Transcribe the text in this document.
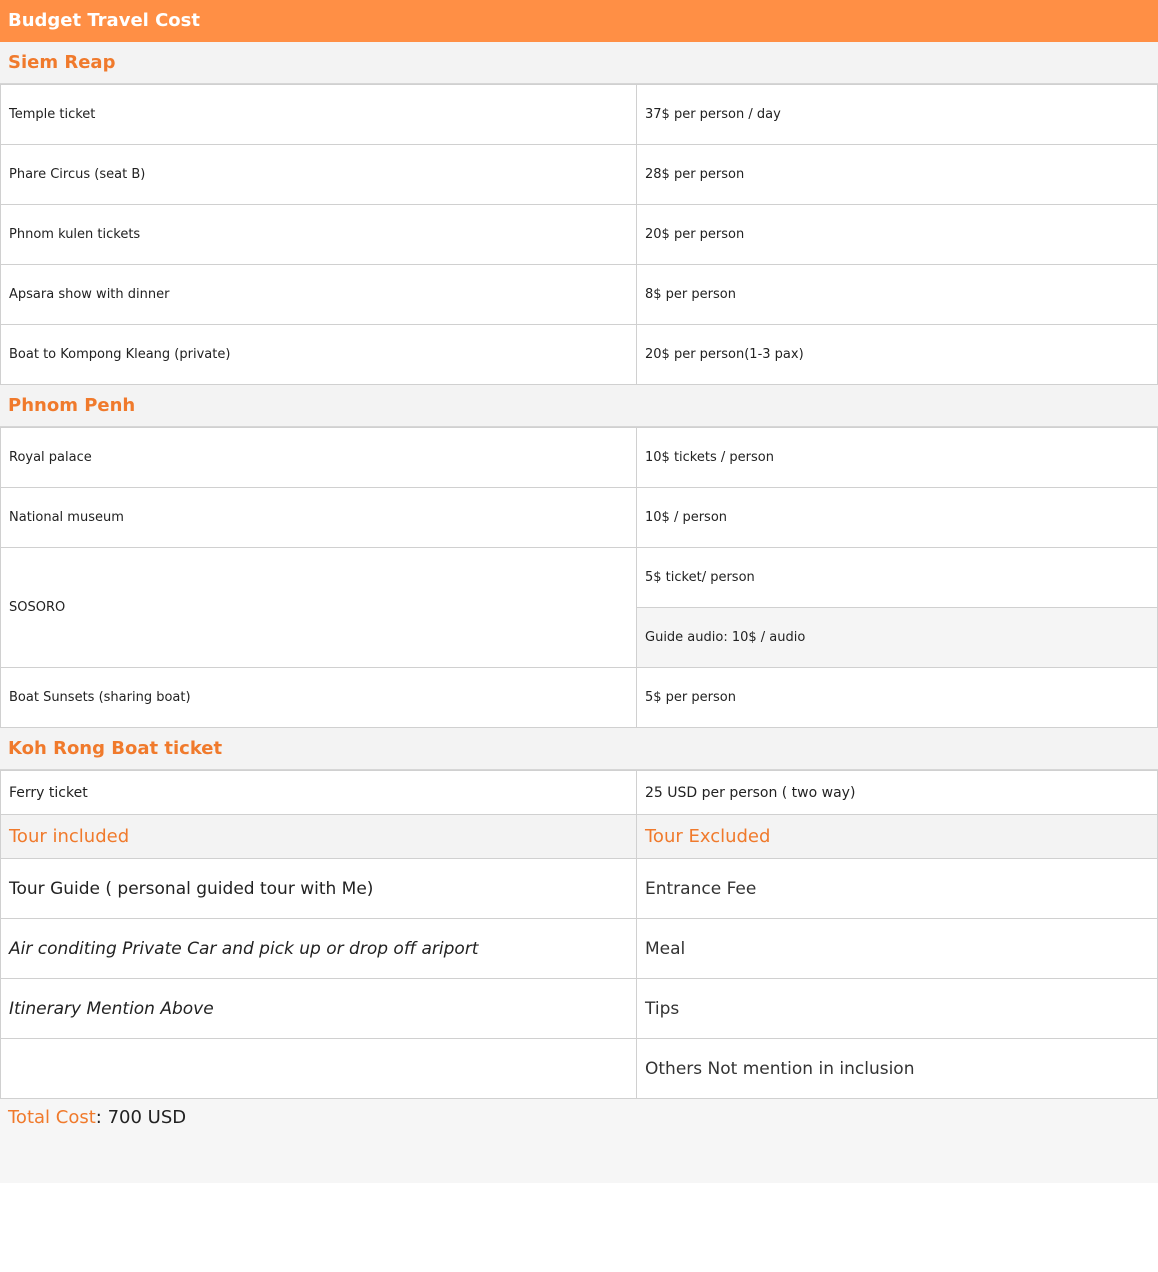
Budget Travel Cost
Siem Reap
Temple ticket	37$ per person / day
Phare Circus (seat B)	28$ per person
Phnom kulen tickets	20$ per person
Apsara show with dinner	8$ per person
Boat to Kompong Kleang (private)	20$ per person(1-3 pax)
Phnom Penh
Royal palace	10$ tickets / person
National museum	10$ / person
SOSORO	5$ ticket/ person
	Guide audio: 10$ / audio
Boat Sunsets (sharing boat)	5$ per person
Koh Rong Boat ticket
Ferry ticket	25 USD per person ( two way)
Tour included	Tour Excluded
Tour Guide ( personal guided tour with Me)	Entrance Fee
Air conditing Private Car and pick up or drop off ariport	Meal
Itinerary Mention Above	Tips
	Others Not mention in inclusion
Total Cost: 700 USD
